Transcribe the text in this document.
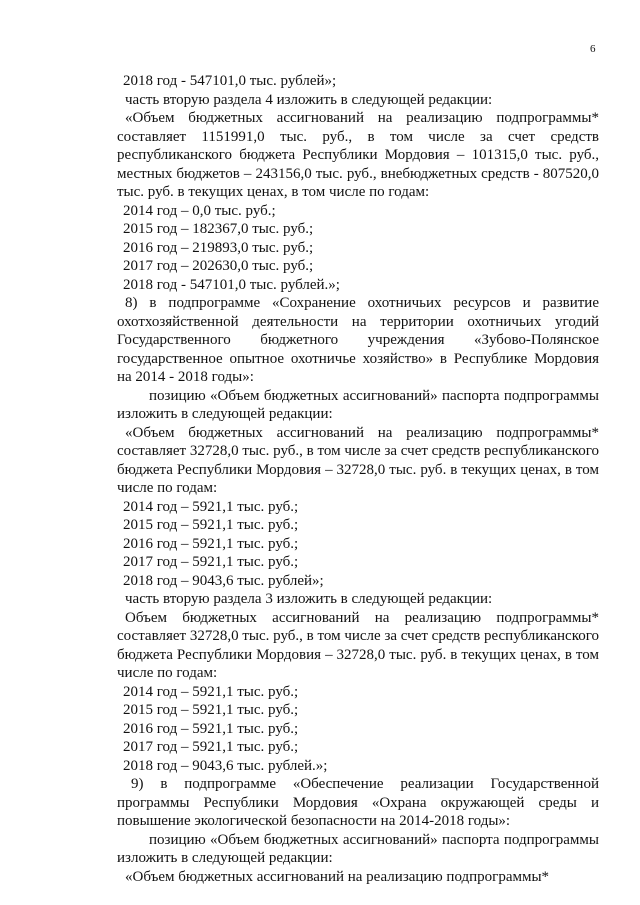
6

2018 год - 547101,0 тыс. рублей»;

часть вторую раздела 4 изложить в следующей редакции:

«Объем бюджетных ассигнований на реализацию подпрограммы* составляет 1151991,0 тыс. руб., в том числе за счет средств республиканского бюджета Республики Мордовия – 101315,0 тыс. руб., местных бюджетов – 243156,0 тыс. руб., внебюджетных средств - 807520,0 тыс. руб. в текущих ценах, в том числе по годам:

2014 год – 0,0 тыс. руб.;

2015 год – 182367,0 тыс. руб.;

2016 год – 219893,0 тыс. руб.;

2017 год – 202630,0 тыс. руб.;

2018 год - 547101,0 тыс. рублей.»;

8) в подпрограмме «Сохранение охотничьих ресурсов и развитие охотхозяйственной деятельности на территории охотничьих угодий Государственного бюджетного учреждения «Зубово-Полянское государственное опытное охотничье хозяйство» в Республике Мордовия на 2014 - 2018 годы»:

позицию «Объем бюджетных ассигнований» паспорта подпрограммы изложить в следующей редакции:

«Объем бюджетных ассигнований на реализацию подпрограммы* составляет 32728,0 тыс. руб., в том числе за счет средств республиканского бюджета Республики Мордовия – 32728,0 тыс. руб. в текущих ценах, в том числе по годам:

2014 год – 5921,1 тыс. руб.;

2015 год – 5921,1 тыс. руб.;

2016 год – 5921,1 тыс. руб.;

2017 год – 5921,1 тыс. руб.;

2018 год – 9043,6 тыс. рублей»;

часть вторую раздела 3 изложить в следующей редакции:

Объем бюджетных ассигнований на реализацию подпрограммы* составляет 32728,0 тыс. руб., в том числе за счет средств республиканского бюджета Республики Мордовия – 32728,0 тыс. руб. в текущих ценах, в том числе по годам:

2014 год – 5921,1 тыс. руб.;

2015 год – 5921,1 тыс. руб.;

2016 год – 5921,1 тыс. руб.;

2017 год – 5921,1 тыс. руб.;

2018 год – 9043,6 тыс. рублей.»;

9) в подпрограмме «Обеспечение реализации Государственной программы Республики Мордовия «Охрана окружающей среды и повышение экологической безопасности на 2014-2018 годы»:

позицию «Объем бюджетных ассигнований» паспорта подпрограммы изложить в следующей редакции:

«Объем бюджетных ассигнований на реализацию подпрограммы*
